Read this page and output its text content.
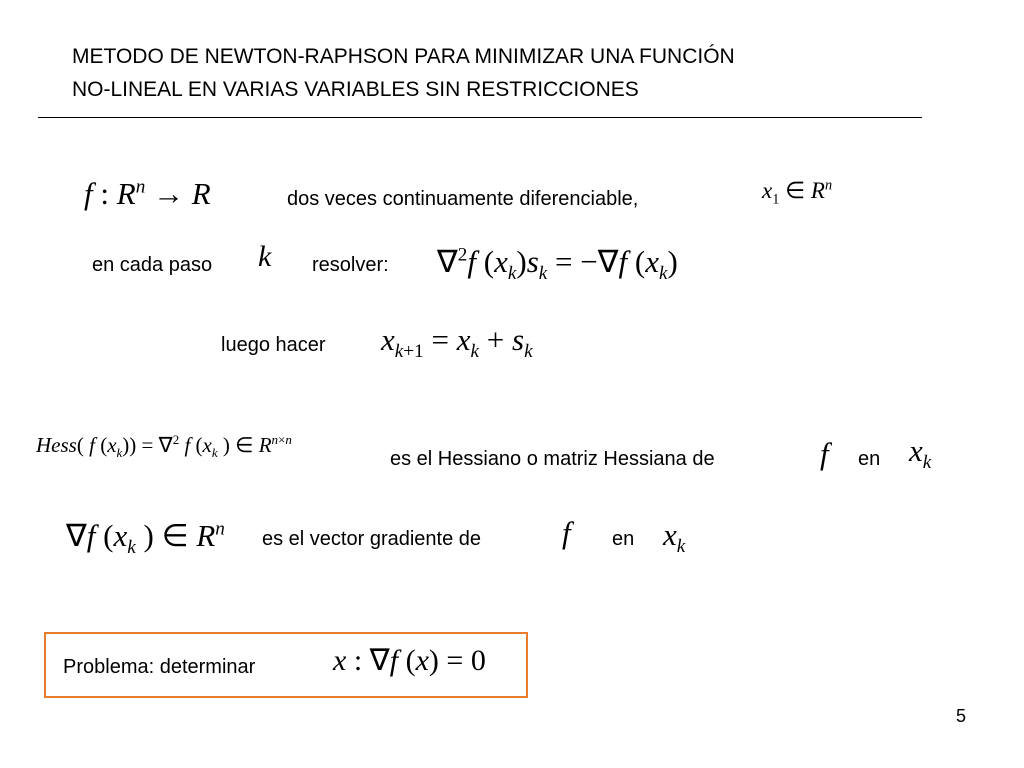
METODO DE NEWTON-RAPHSON PARA MINIMIZAR UNA FUNCIÓN
NO-LINEAL EN VARIAS VARIABLES SIN RESTRICCIONES
f : $R^n \to R$	dos veces continuamente diferenciable,	$x_1$ ∈ $R^n$
en cada paso k resolver: ∇$^2$f $(x_k)s_k = -\nabla f$ $(x_k)$
luego hacer $x_{k+1} = x_k + s_k$
Hess( f $(x_k)) = \nabla^2$ f ($x_k$ ) ∈ $R^{n\times n}$
es el Hessiano o matriz Hessiana de	f en $x_k$
∇f ($x_k$ ) ∈ $R^n$ es el vector gradiente de	f en $x_k$
Problema: determinar	x : ∇f (x) = 0
5
